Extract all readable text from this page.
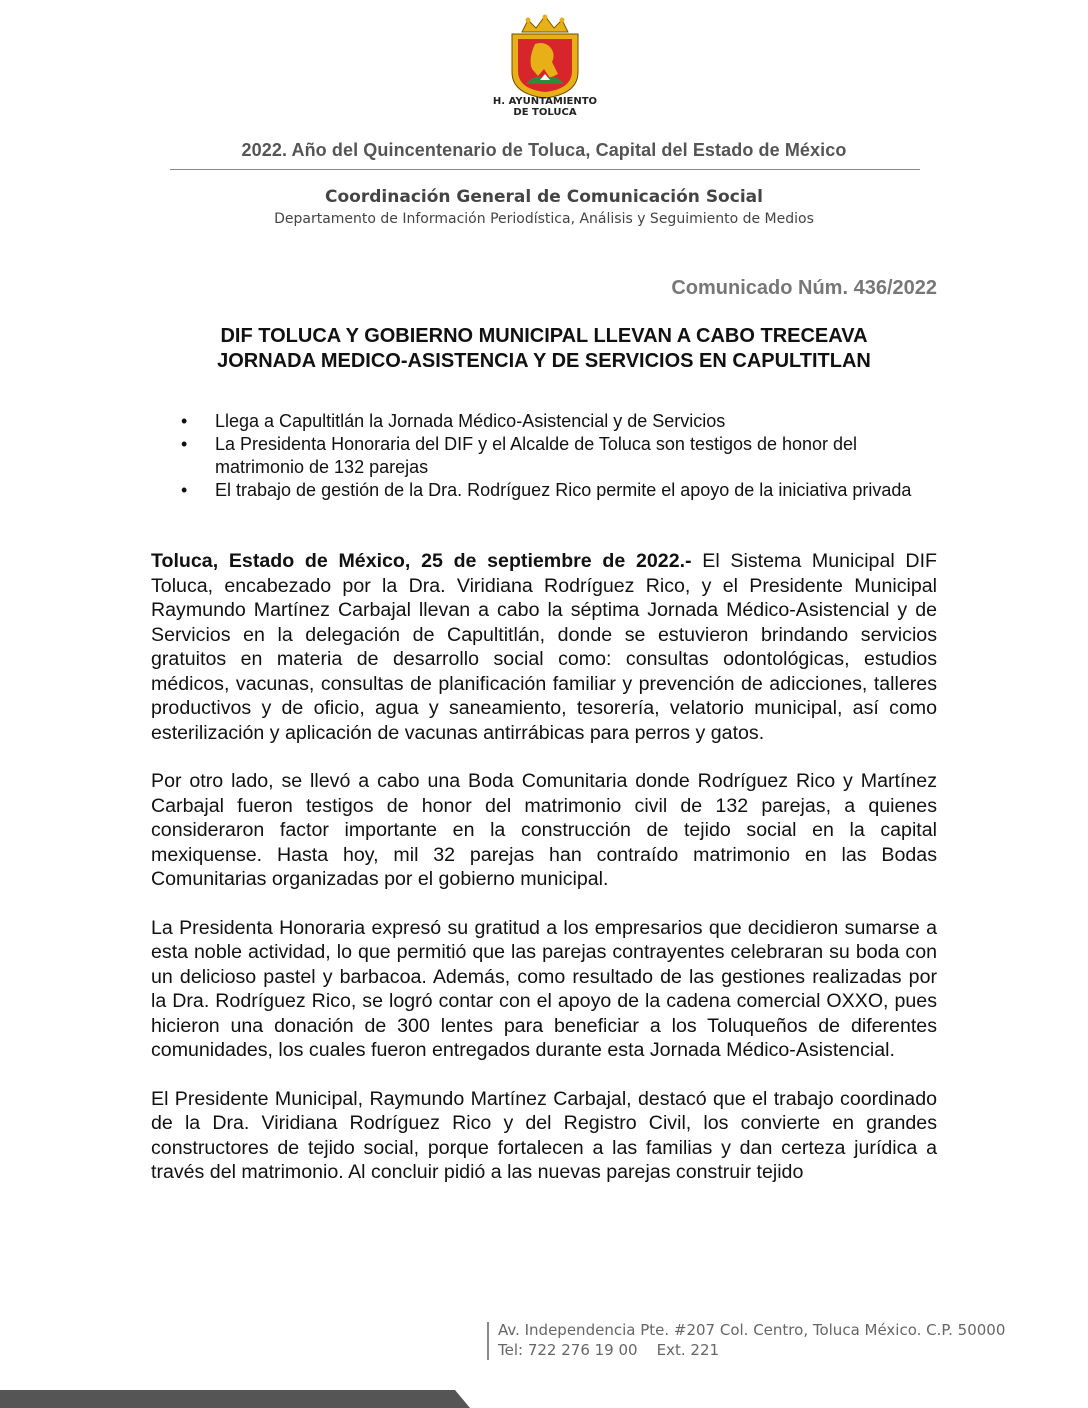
H. AYUNTAMIENTO
DE TOLUCA
2022. Año del Quincentenario de Toluca, Capital del Estado de México
Coordinación General de Comunicación Social
Departamento de Información Periodística, Análisis y Seguimiento de Medios
Comunicado Núm. 436/2022
DIF TOLUCA Y GOBIERNO MUNICIPAL LLEVAN A CABO TRECEAVA
JORNADA MEDICO-ASISTENCIA Y DE SERVICIOS EN CAPULTITLAN
• Llega a Capultitlán la Jornada Médico-Asistencial y de Servicios
• La Presidenta Honoraria del DIF y el Alcalde de Toluca son testigos de honor del matrimonio de 132 parejas
• El trabajo de gestión de la Dra. Rodríguez Rico permite el apoyo de la iniciativa privada

Toluca, Estado de México, 25 de septiembre de 2022.- El Sistema Municipal DIF Toluca, encabezado por la Dra. Viridiana Rodríguez Rico, y el Presidente Municipal Raymundo Martínez Carbajal llevan a cabo la séptima Jornada Médico-Asistencial y de Servicios en la delegación de Capultitlán, donde se estuvieron brindando servicios gratuitos en materia de desarrollo social como: consultas odontológicas, estudios médicos, vacunas, consultas de planificación familiar y prevención de adicciones, talleres productivos y de oficio, agua y saneamiento, tesorería, velatorio municipal, así como esterilización y aplicación de vacunas antirrábicas para perros y gatos.

Por otro lado, se llevó a cabo una Boda Comunitaria donde Rodríguez Rico y Martínez Carbajal fueron testigos de honor del matrimonio civil de 132 parejas, a quienes consideraron factor importante en la construcción de tejido social en la capital mexiquense. Hasta hoy, mil 32 parejas han contraído matrimonio en las Bodas Comunitarias organizadas por el gobierno municipal.

La Presidenta Honoraria expresó su gratitud a los empresarios que decidieron sumarse a esta noble actividad, lo que permitió que las parejas contrayentes celebraran su boda con un delicioso pastel y barbacoa. Además, como resultado de las gestiones realizadas por la Dra. Rodríguez Rico, se logró contar con el apoyo de la cadena comercial OXXO, pues hicieron una donación de 300 lentes para beneficiar a los Toluqueños de diferentes comunidades, los cuales fueron entregados durante esta Jornada Médico-Asistencial.

El Presidente Municipal, Raymundo Martínez Carbajal, destacó que el trabajo coordinado de la Dra. Viridiana Rodríguez Rico y del Registro Civil, los convierte en grandes constructores de tejido social, porque fortalecen a las familias y dan certeza jurídica a través del matrimonio. Al concluir pidió a las nuevas parejas construir tejido

Av. Independencia Pte. #207 Col. Centro, Toluca México. C.P. 50000
Tel: 722 276 19 00    Ext. 221
